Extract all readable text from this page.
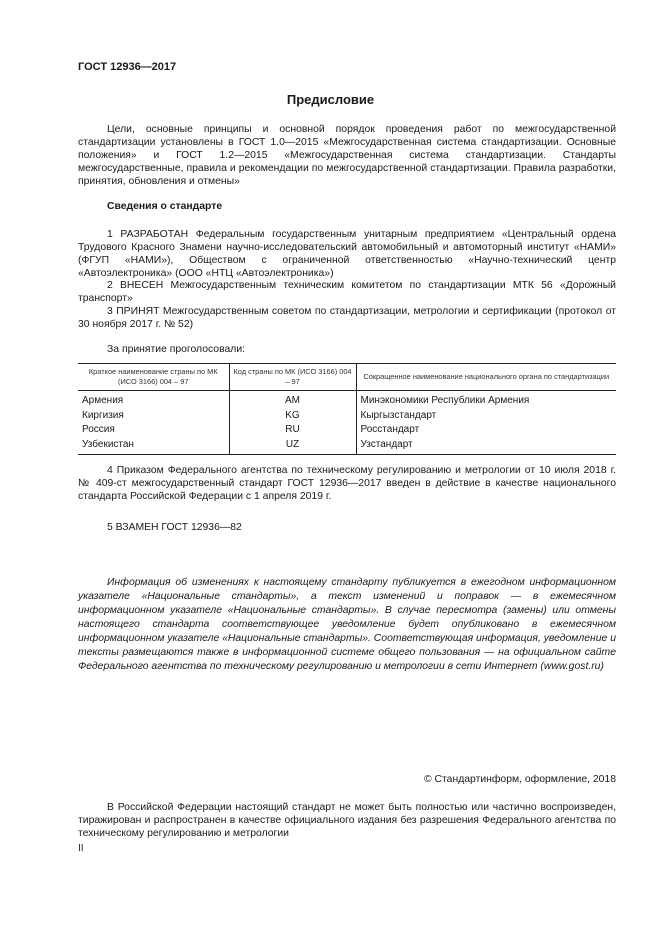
ГОСТ 12936—2017
Предисловие

Цели, основные принципы и основной порядок проведения работ по межгосударственной стандартизации установлены в ГОСТ 1.0—2015 «Межгосударственная система стандартизации. Основные положения» и ГОСТ 1.2—2015 «Межгосударственная система стандартизации. Стандарты межгосударственные, правила и рекомендации по межгосударственной стандартизации. Правила разработки, принятия, обновления и отмены»

Сведения о стандарте

1 РАЗРАБОТАН Федеральным государственным унитарным предприятием «Центральный ордена Трудового Красного Знамени научно-исследовательский автомобильный и автомоторный институт «НАМИ» (ФГУП «НАМИ»), Обществом с ограниченной ответственностью «Научно-технический центр «Автоэлектроника» (ООО «НТЦ «Автоэлектроника»)

2 ВНЕСЕН Межгосударственным техническим комитетом по стандартизации МТК 56 «Дорожный транспорт»

3 ПРИНЯТ Межгосударственным советом по стандартизации, метрологии и сертификации (протокол от 30 ноября 2017 г. № 52)

За принятие проголосовали:

Краткое наименование страны по МК (ИСО 3166) 004 – 97	Код страны по МК (ИСО 3166) 004 – 97	Сокращенное наименование национального органа по стандартизации
Армения	AM	Минэкономики Республики Армения
Киргизия	KG	Кыргызстандарт
Россия	RU	Росстандарт
Узбекистан	UZ	Узстандарт

4 Приказом Федерального агентства по техническому регулированию и метрологии от 10 июля 2018 г. № 409-ст межгосударственный стандарт ГОСТ 12936—2017 введен в действие в качестве национального стандарта Российской Федерации с 1 апреля 2019 г.

5 ВЗАМЕН ГОСТ 12936—82

Информация об изменениях к настоящему стандарту публикуется в ежегодном информационном указателе «Национальные стандарты», а текст изменений и поправок — в ежемесячном информационном указателе «Национальные стандарты». В случае пересмотра (замены) или отмены настоящего стандарта соответствующее уведомление будет опубликовано в ежемесячном информационном указателе «Национальные стандарты». Соответствующая информация, уведомление и тексты размещаются также в информационной системе общего пользования — на официальном сайте Федерального агентства по техническому регулированию и метрологии в сети Интернет (www.gost.ru)

© Стандартинформ, оформление, 2018

В Российской Федерации настоящий стандарт не может быть полностью или частично воспроизведен, тиражирован и распространен в качестве официального издания без разрешения Федерального агентства по техническому регулированию и метрологии

II
